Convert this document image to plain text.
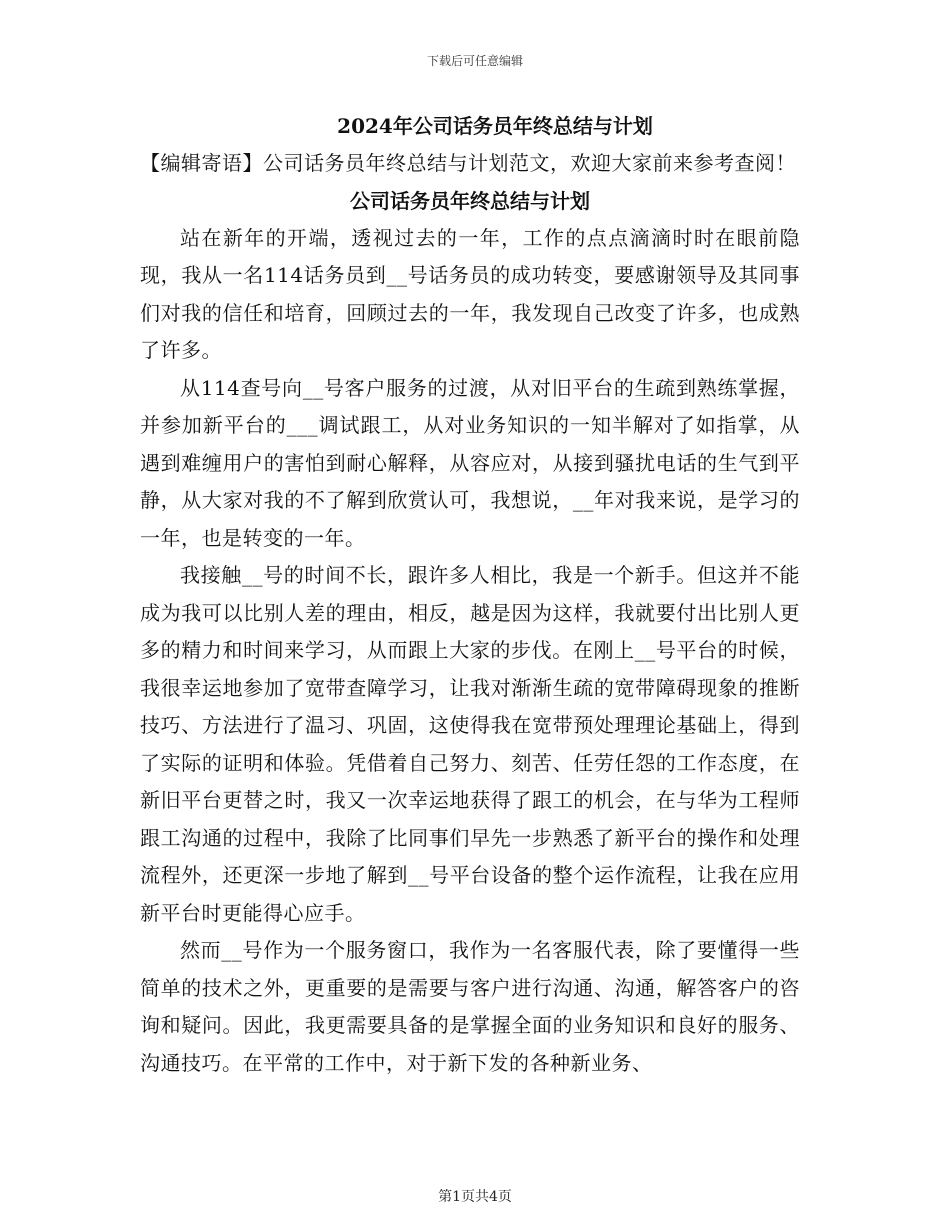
下载后可任意编辑
2024年公司话务员年终总结与计划

【编辑寄语】公司话务员年终总结与计划范文，欢迎大家前来参考查阅！

公司话务员年终总结与计划

站在新年的开端，透视过去的一年，工作的点点滴滴时时在眼前隐现，我从一名114话务员到__号话务员的成功转变，要感谢领导及其同事们对我的信任和培育，回顾过去的一年，我发现自己改变了许多，也成熟了许多。

从114查号向__号客户服务的过渡，从对旧平台的生疏到熟练掌握，并参加新平台的___调试跟工，从对业务知识的一知半解对了如指掌，从遇到难缠用户的害怕到耐心解释，从容应对，从接到骚扰电话的生气到平静，从大家对我的不了解到欣赏认可，我想说，__年对我来说，是学习的一年，也是转变的一年。

我接触__号的时间不长，跟许多人相比，我是一个新手。但这并不能成为我可以比别人差的理由，相反，越是因为这样，我就要付出比别人更多的精力和时间来学习，从而跟上大家的步伐。在刚上__号平台的时候，我很幸运地参加了宽带查障学习，让我对渐渐生疏的宽带障碍现象的推断技巧、方法进行了温习、巩固，这使得我在宽带预处理理论基础上，得到了实际的证明和体验。凭借着自己努力、刻苦、任劳任怨的工作态度，在新旧平台更替之时，我又一次幸运地获得了跟工的机会，在与华为工程师跟工沟通的过程中，我除了比同事们早先一步熟悉了新平台的操作和处理流程外，还更深一步地了解到__号平台设备的整个运作流程，让我在应用新平台时更能得心应手。

然而__号作为一个服务窗口，我作为一名客服代表，除了要懂得一些简单的技术之外，更重要的是需要与客户进行沟通、沟通，解答客户的咨询和疑问。因此，我更需要具备的是掌握全面的业务知识和良好的服务、沟通技巧。在平常的工作中，对于新下发的各种新业务、

第1页共4页
